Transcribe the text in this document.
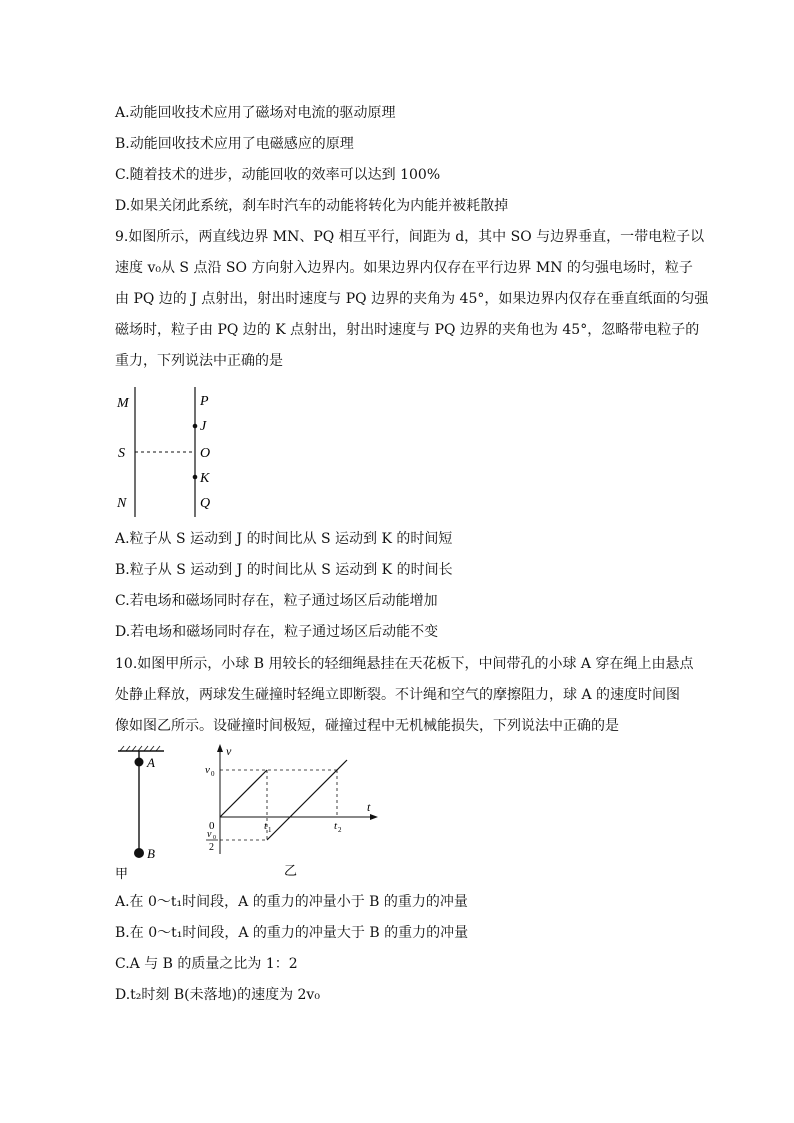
A.动能回收技术应用了磁场对电流的驱动原理
B.动能回收技术应用了电磁感应的原理
C.随着技术的进步，动能回收的效率可以达到 100%
D.如果关闭此系统，刹车时汽车的动能将转化为内能并被耗散掉
9.如图所示，两直线边界 MN、PQ 相互平行，间距为 d，其中 SO 与边界垂直，一带电粒子以
速度 v₀从 S 点沿 SO 方向射入边界内。如果边界内仅存在平行边界 MN 的匀强电场时，粒子
由 PQ 边的 J 点射出，射出时速度与 PQ 边界的夹角为 45°，如果边界内仅存在垂直纸面的匀强
磁场时，粒子由 PQ 边的 K 点射出，射出时速度与 PQ 边界的夹角也为 45°，忽略带电粒子的
重力，下列说法中正确的是
M
S
N
P
J
O
K
Q
A.粒子从 S 运动到 J 的时间比从 S 运动到 K 的时间短
B.粒子从 S 运动到 J 的时间比从 S 运动到 K 的时间长
C.若电场和磁场同时存在，粒子通过场区后动能增加
D.若电场和磁场同时存在，粒子通过场区后动能不变
10.如图甲所示，小球 B 用较长的轻细绳悬挂在天花板下，中间带孔的小球 A 穿在绳上由悬点
处静止释放，两球发生碰撞时轻绳立即断裂。不计绳和空气的摩擦阻力，球 A 的速度时间图
像如图乙所示。设碰撞时间极短，碰撞过程中无机械能损失，下列说法中正确的是
A
B
甲
v
t
v 0
0	t 1	t 2
v 0
2
乙
A.在 0～t₁时间段，A 的重力的冲量小于 B 的重力的冲量
B.在 0～t₁时间段，A 的重力的冲量大于 B 的重力的冲量
C.A 与 B 的质量之比为 1：2
D.t₂时刻 B(未落地)的速度为 2v₀
